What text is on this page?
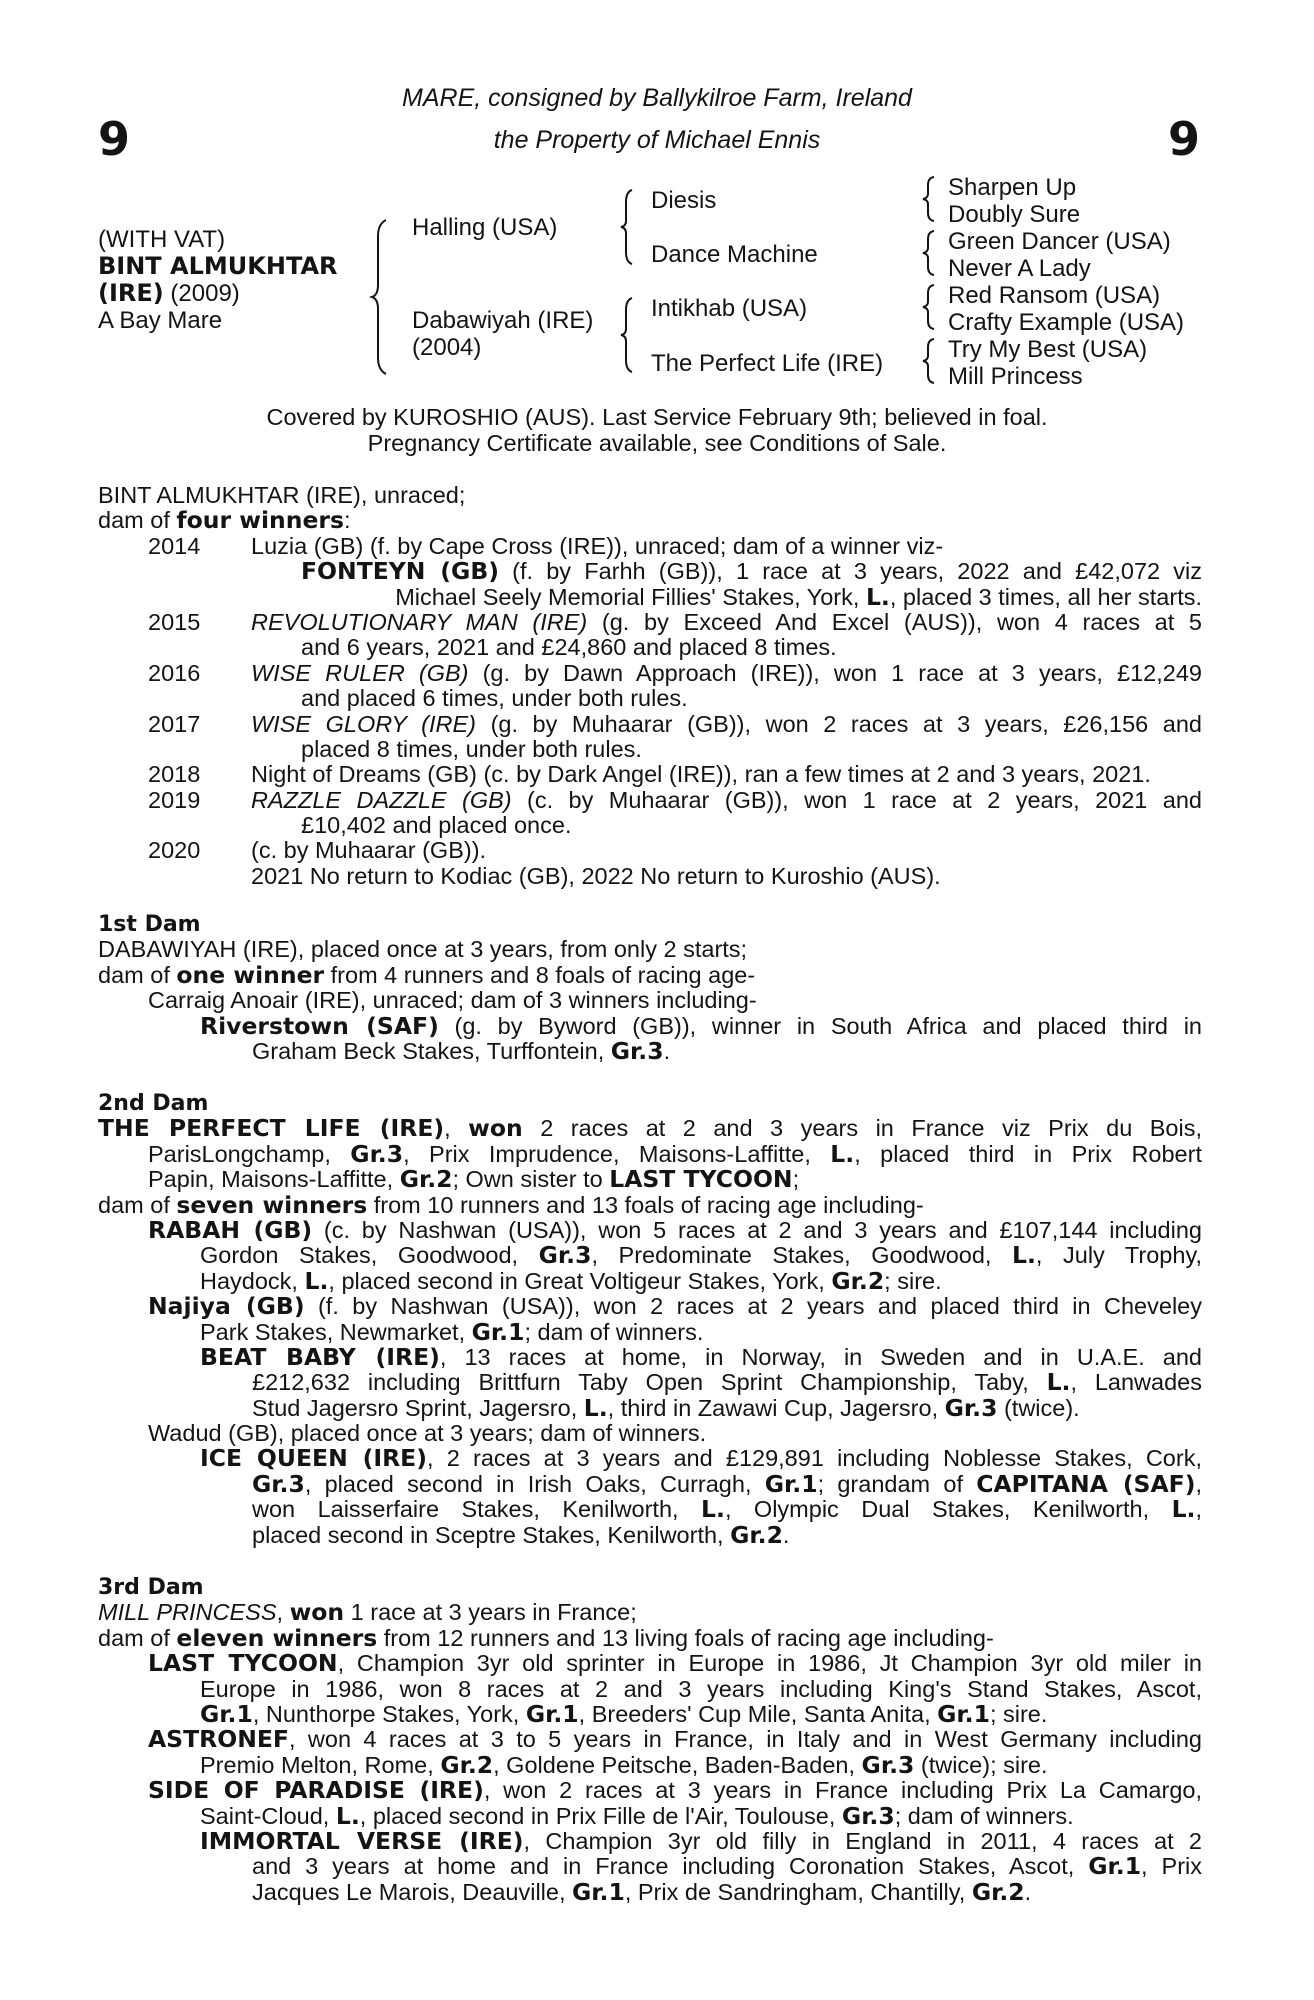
9	9
MARE, consigned by Ballykilroe Farm, Ireland
the Property of Michael Ennis
(WITH VAT)
BINT ALMUKHTAR
(IRE) (2009)
A Bay Mare
Halling (USA)
Dabawiyah (IRE)
(2004)
Diesis
Dance Machine
Intikhab (USA)
The Perfect Life (IRE)
Sharpen Up
Doubly Sure
Green Dancer (USA)
Never A Lady
Red Ransom (USA)
Crafty Example (USA)
Try My Best (USA)
Mill Princess
Covered by KUROSHIO (AUS). Last Service February 9th; believed in foal.
Pregnancy Certificate available, see Conditions of Sale.
BINT ALMUKHTAR (IRE), unraced;
dam of four winners:
2014 Luzia (GB) (f. by Cape Cross (IRE)), unraced; dam of a winner viz-
FONTEYN (GB) (f. by Farhh (GB)), 1 race at 3 years, 2022 and £42,072 viz
Michael Seely Memorial Fillies' Stakes, York, L., placed 3 times, all her starts.
2015 REVOLUTIONARY MAN (IRE) (g. by Exceed And Excel (AUS)), won 4 races at 5
and 6 years, 2021 and £24,860 and placed 8 times.
2016 WISE RULER (GB) (g. by Dawn Approach (IRE)), won 1 race at 3 years, £12,249
and placed 6 times, under both rules.
2017 WISE GLORY (IRE) (g. by Muhaarar (GB)), won 2 races at 3 years, £26,156 and
placed 8 times, under both rules.
2018 Night of Dreams (GB) (c. by Dark Angel (IRE)), ran a few times at 2 and 3 years, 2021.
2019 RAZZLE DAZZLE (GB) (c. by Muhaarar (GB)), won 1 race at 2 years, 2021 and
£10,402 and placed once.
2020 (c. by Muhaarar (GB)).
2021 No return to Kodiac (GB), 2022 No return to Kuroshio (AUS).
1st Dam
DABAWIYAH (IRE), placed once at 3 years, from only 2 starts;
dam of one winner from 4 runners and 8 foals of racing age-
Carraig Anoair (IRE), unraced; dam of 3 winners including-
Riverstown (SAF) (g. by Byword (GB)), winner in South Africa and placed third in
Graham Beck Stakes, Turffontein, Gr.3.
2nd Dam
THE PERFECT LIFE (IRE), won 2 races at 2 and 3 years in France viz Prix du Bois,
ParisLongchamp, Gr.3, Prix Imprudence, Maisons-Laffitte, L., placed third in Prix Robert
Papin, Maisons-Laffitte, Gr.2; Own sister to LAST TYCOON;
dam of seven winners from 10 runners and 13 foals of racing age including-
RABAH (GB) (c. by Nashwan (USA)), won 5 races at 2 and 3 years and £107,144 including
Gordon Stakes, Goodwood, Gr.3, Predominate Stakes, Goodwood, L., July Trophy,
Haydock, L., placed second in Great Voltigeur Stakes, York, Gr.2; sire.
Najiya (GB) (f. by Nashwan (USA)), won 2 races at 2 years and placed third in Cheveley
Park Stakes, Newmarket, Gr.1; dam of winners.
BEAT BABY (IRE), 13 races at home, in Norway, in Sweden and in U.A.E. and
£212,632 including Brittfurn Taby Open Sprint Championship, Taby, L., Lanwades
Stud Jagersro Sprint, Jagersro, L., third in Zawawi Cup, Jagersro, Gr.3 (twice).
Wadud (GB), placed once at 3 years; dam of winners.
ICE QUEEN (IRE), 2 races at 3 years and £129,891 including Noblesse Stakes, Cork,
Gr.3, placed second in Irish Oaks, Curragh, Gr.1; grandam of CAPITANA (SAF),
won Laisserfaire Stakes, Kenilworth, L., Olympic Dual Stakes, Kenilworth, L.,
placed second in Sceptre Stakes, Kenilworth, Gr.2.
3rd Dam
MILL PRINCESS, won 1 race at 3 years in France;
dam of eleven winners from 12 runners and 13 living foals of racing age including-
LAST TYCOON, Champion 3yr old sprinter in Europe in 1986, Jt Champion 3yr old miler in
Europe in 1986, won 8 races at 2 and 3 years including King's Stand Stakes, Ascot,
Gr.1, Nunthorpe Stakes, York, Gr.1, Breeders' Cup Mile, Santa Anita, Gr.1; sire.
ASTRONEF, won 4 races at 3 to 5 years in France, in Italy and in West Germany including
Premio Melton, Rome, Gr.2, Goldene Peitsche, Baden-Baden, Gr.3 (twice); sire.
SIDE OF PARADISE (IRE), won 2 races at 3 years in France including Prix La Camargo,
Saint-Cloud, L., placed second in Prix Fille de l'Air, Toulouse, Gr.3; dam of winners.
IMMORTAL VERSE (IRE), Champion 3yr old filly in England in 2011, 4 races at 2
and 3 years at home and in France including Coronation Stakes, Ascot, Gr.1, Prix
Jacques Le Marois, Deauville, Gr.1, Prix de Sandringham, Chantilly, Gr.2.
